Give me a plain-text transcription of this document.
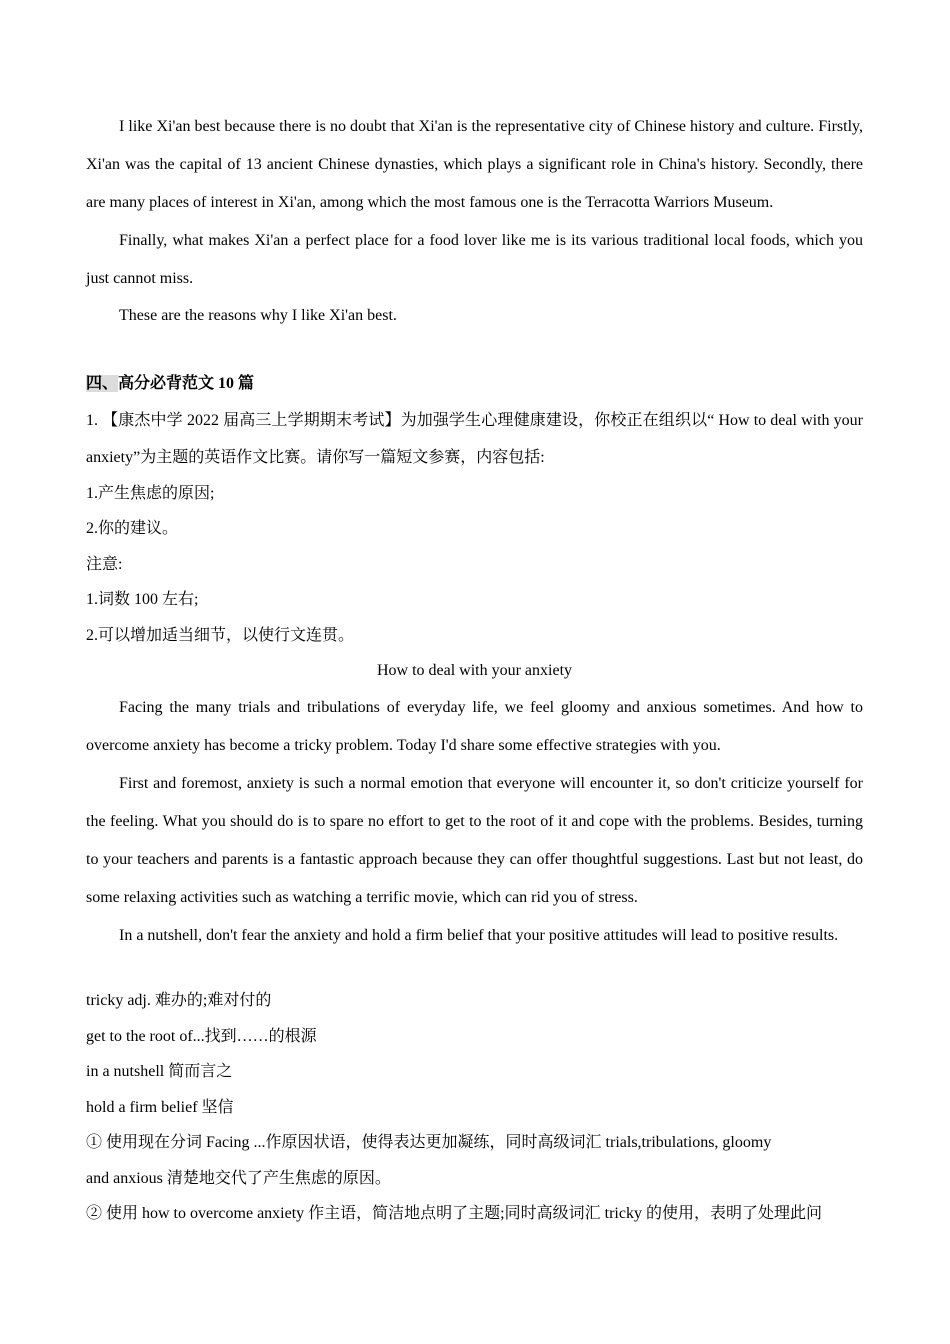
I like Xi'an best because there is no doubt that Xi'an is the representative city of Chinese history and culture. Firstly, Xi'an was the capital of 13 ancient Chinese dynasties, which plays a significant role in China's history. Secondly, there are many places of interest in Xi'an, among which the most famous one is the Terracotta Warriors Museum.

Finally, what makes Xi'an a perfect place for a food lover like me is its various traditional local foods, which you just cannot miss.

These are the reasons why I like Xi'an best.

四、高分必背范文 10 篇

1. 【康杰中学 2022 届高三上学期期末考试】为加强学生心理健康建设，你校正在组织以“ How to deal with your anxiety”为主题的英语作文比赛。请你写一篇短文参赛，内容包括:

1.产生焦虑的原因;

2.你的建议。

注意:

1.词数 100 左右;

2.可以增加适当细节，以使行文连贯。

How to deal with your anxiety

Facing the many trials and tribulations of everyday life, we feel gloomy and anxious sometimes. And how to overcome anxiety has become a tricky problem. Today I'd share some effective strategies with you.

First and foremost, anxiety is such a normal emotion that everyone will encounter it, so don't criticize yourself for the feeling. What you should do is to spare no effort to get to the root of it and cope with the problems. Besides, turning to your teachers and parents is a fantastic approach because they can offer thoughtful suggestions. Last but not least, do some relaxing activities such as watching a terrific movie, which can rid you of stress.

In a nutshell, don't fear the anxiety and hold a firm belief that your positive attitudes will lead to positive results.

tricky adj. 难办的;难对付的

get to the root of...找到……的根源

in a nutshell 简而言之

hold a firm belief 坚信

① 使用现在分词 Facing ...作原因状语，使得表达更加凝练，同时高级词汇 trials,tribulations, gloomy

and anxious 清楚地交代了产生焦虑的原因。

② 使用 how to overcome anxiety 作主语，简洁地点明了主题;同时高级词汇 tricky 的使用，表明了处理此问
